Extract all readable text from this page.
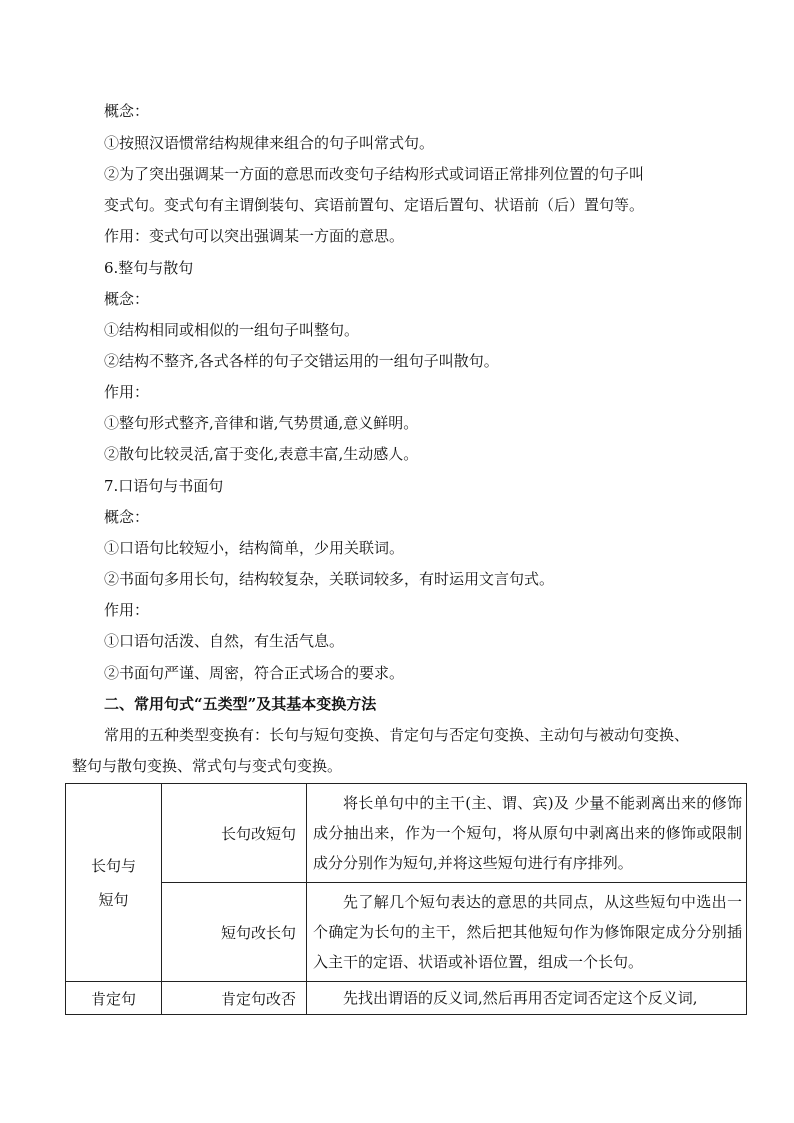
概念：
①按照汉语惯常结构规律来组合的句子叫常式句。
②为了突出强调某一方面的意思而改变句子结构形式或词语正常排列位置的句子叫
变式句。变式句有主谓倒装句、宾语前置句、定语后置句、状语前（后）置句等。
作用：变式句可以突出强调某一方面的意思。
6.整句与散句
概念：
①结构相同或相似的一组句子叫整句。
②结构不整齐,各式各样的句子交错运用的一组句子叫散句。
作用：
①整句形式整齐,音律和谐,气势贯通,意义鲜明。
②散句比较灵活,富于变化,表意丰富,生动感人。
7.口语句与书面句
概念：
①口语句比较短小，结构简单，少用关联词。
②书面句多用长句，结构较复杂，关联词较多，有时运用文言句式。
作用：
①口语句活泼、自然，有生活气息。
②书面句严谨、周密，符合正式场合的要求。
二、常用句式“五类型”及其基本变换方法
常用的五种类型变换有：长句与短句变换、肯定句与否定句变换、主动句与被动句变换、
整句与散句变换、常式句与变式句变换。
长句与
短句	长句改短句	将长单句中的主干(主、谓、宾)及 少量不能剥离出来的修饰成分抽出来，作为一个短句，将从原句中剥离出来的修饰或限制成分分别作为短句,并将这些短句进行有序排列。
	短句改长句	先了解几个短句表达的意思的共同点，从这些短句中选出一个确定为长句的主干，然后把其他短句作为修饰限定成分分别插入主干的定语、状语或补语位置，组成一个长句。
肯定句	肯定句改否	先找出谓语的反义词,然后再用否定词否定这个反义词,
